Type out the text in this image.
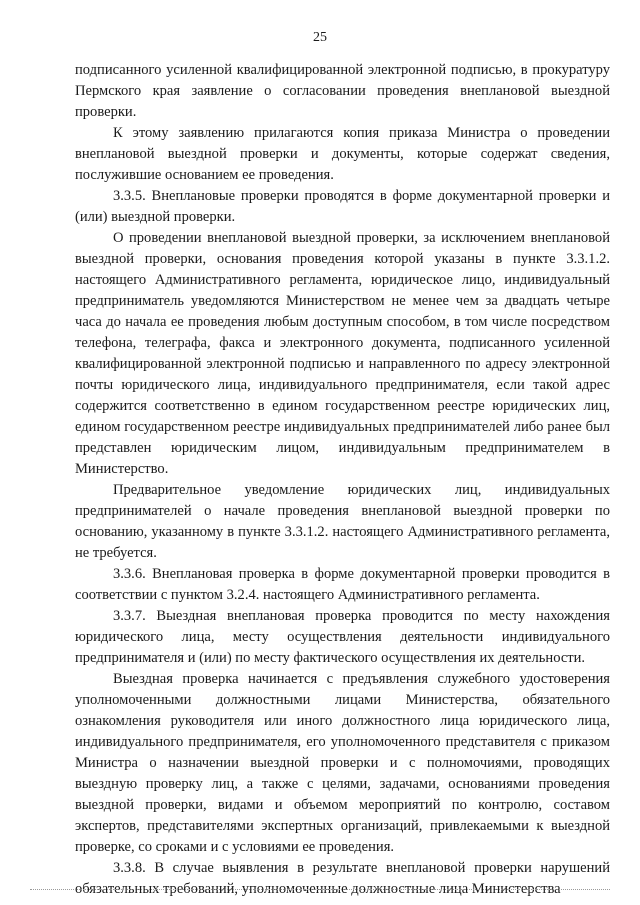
25

подписанного усиленной квалифицированной электронной подписью, в прокуратуру Пермского края заявление о согласовании проведения внеплановой выездной проверки.

К этому заявлению прилагаются копия приказа Министра о проведении внеплановой выездной проверки и документы, которые содержат сведения, послужившие основанием ее проведения.

3.3.5. Внеплановые проверки проводятся в форме документарной проверки и (или) выездной проверки.

О проведении внеплановой выездной проверки, за исключением внеплановой выездной проверки, основания проведения которой указаны в пункте 3.3.1.2. настоящего Административного регламента, юридическое лицо, индивидуальный предприниматель уведомляются Министерством не менее чем за двадцать четыре часа до начала ее проведения любым доступным способом, в том числе посредством телефона, телеграфа, факса и электронного документа, подписанного усиленной квалифицированной электронной подписью и направленного по адресу электронной почты юридического лица, индивидуального предпринимателя, если такой адрес содержится соответственно в едином государственном реестре юридических лиц, едином государственном реестре индивидуальных предпринимателей либо ранее был представлен юридическим лицом, индивидуальным предпринимателем в Министерство.

Предварительное уведомление юридических лиц, индивидуальных предпринимателей о начале проведения внеплановой выездной проверки по основанию, указанному в пункте 3.3.1.2. настоящего Административного регламента, не требуется.

3.3.6. Внеплановая проверка в форме документарной проверки проводится в соответствии с пунктом 3.2.4. настоящего Административного регламента.

3.3.7. Выездная внеплановая проверка проводится по месту нахождения юридического лица, месту осуществления деятельности индивидуального предпринимателя и (или) по месту фактического осуществления их деятельности.

Выездная проверка начинается с предъявления служебного удостоверения уполномоченными должностными лицами Министерства, обязательного ознакомления руководителя или иного должностного лица юридического лица, индивидуального предпринимателя, его уполномоченного представителя с приказом Министра о назначении выездной проверки и с полномочиями, проводящих выездную проверку лиц, а также с целями, задачами, основаниями проведения выездной проверки, видами и объемом мероприятий по контролю, составом экспертов, представителями экспертных организаций, привлекаемыми к выездной проверке, со сроками и с условиями ее проведения.

3.3.8. В случае выявления в результате внеплановой проверки нарушений обязательных требований, уполномоченные должностные лица Министерства
